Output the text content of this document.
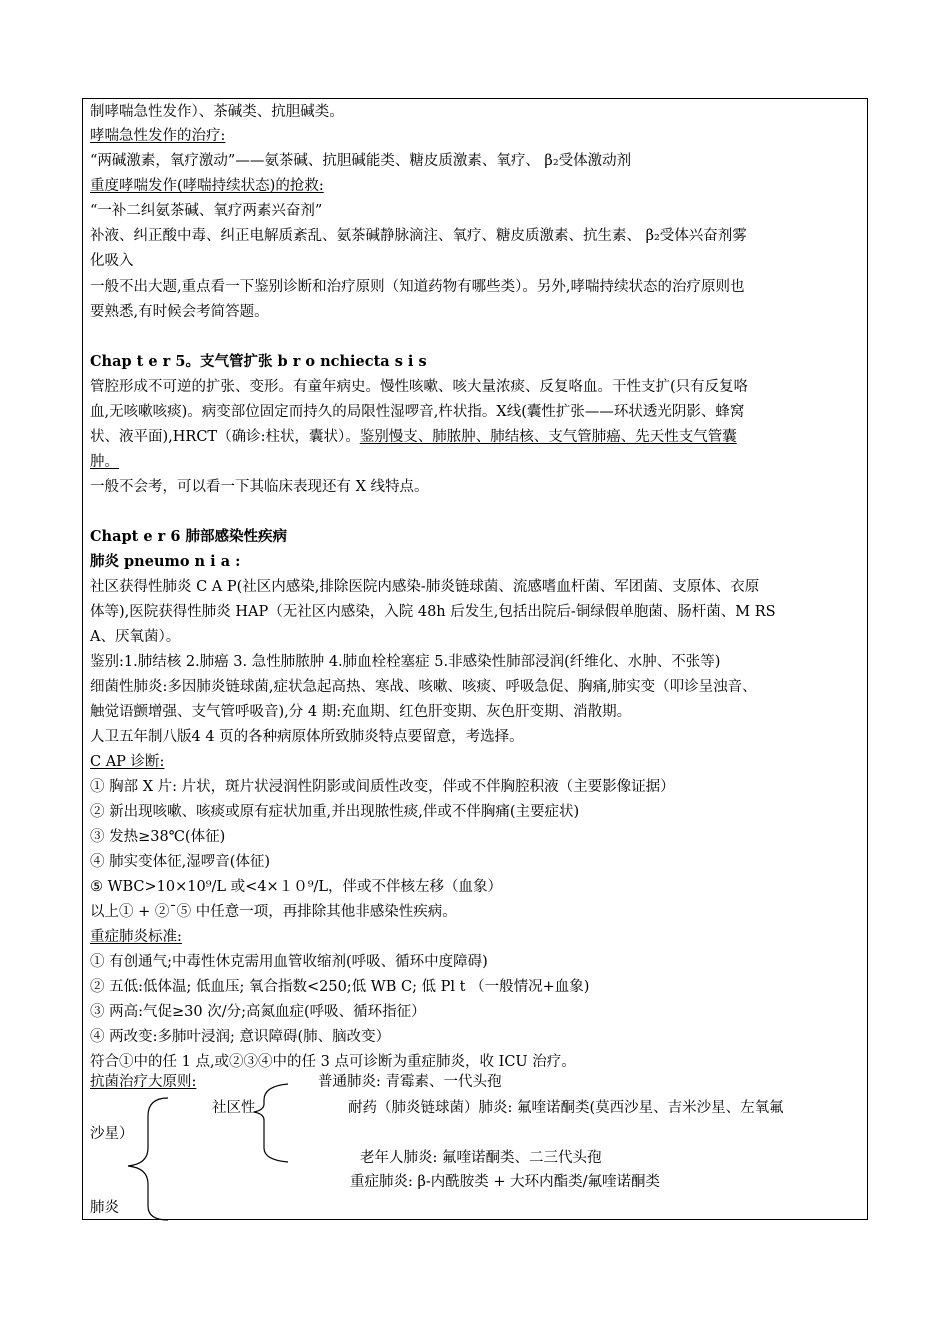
制哮喘急性发作）、茶碱类、抗胆碱类。
哮喘急性发作的治疗:
“两碱激素，氧疗激动”——氨茶碱、抗胆碱能类、糖皮质激素、氧疗、 β₂受体激动剂
重度哮喘发作(哮喘持续状态)的抢救:
“一补二纠氨茶碱、氧疗两素兴奋剂”
补液、纠正酸中毒、纠正电解质紊乱、氨茶碱静脉滴注、氧疗、糖皮质激素、抗生素、 β₂受体兴奋剂雾
化吸入
一般不出大题,重点看一下鉴别诊断和治疗原则（知道药物有哪些类）。另外,哮喘持续状态的治疗原则也
要熟悉,有时候会考简答题。
Chap t e r 5。支气管扩张 b r o nchiecta s i s
管腔形成不可逆的扩张、变形。有童年病史。慢性咳嗽、咳大量浓痰、反复咯血。干性支扩(只有反复咯
血,无咳嗽咳痰)。病变部位固定而持久的局限性湿啰音,杵状指。X线(囊性扩张——环状透光阴影、蜂窝
状、液平面),HRCT（确诊:柱状，囊状）。鉴别慢支、肺脓肿、肺结核、支气管肺癌、先天性支气管囊
肿。
一般不会考，可以看一下其临床表现还有 X 线特点。
Chapt e r 6 肺部感染性疾病
肺炎 pneumo n i a :
社区获得性肺炎 C A P(社区内感染,排除医院内感染-肺炎链球菌、流感嗜血杆菌、军团菌、支原体、衣原
体等),医院获得性肺炎 HAP（无社区内感染，入院 48h 后发生,包括出院后-铜绿假单胞菌、肠杆菌、M RS
A、厌氧菌）。
鉴别:1.肺结核 2.肺癌 3. 急性肺脓肿 4.肺血栓栓塞症 5.非感染性肺部浸润(纤维化、水肿、不张等)
细菌性肺炎:多因肺炎链球菌,症状急起高热、寒战、咳嗽、咳痰、呼吸急促、胸痛,肺实变（叩诊呈浊音、
触觉语颤增强、支气管呼吸音),分 4 期:充血期、红色肝变期、灰色肝变期、消散期。
人卫五年制八版4 4 页的各种病原体所致肺炎特点要留意，考选择。
C AP 诊断:
① 胸部 X 片: 片状，斑片状浸润性阴影或间质性改变，伴或不伴胸腔积液（主要影像证据）
② 新出现咳嗽、咳痰或原有症状加重,并出现脓性痰,伴或不伴胸痛(主要症状)
③ 发热≥38℃(体征)
④ 肺实变体征,湿啰音(体征)
⑤ WBC>10×10⁹/L 或<4×１０⁹/L，伴或不伴核左移（血象）
以上① + ②¯⑤ 中任意一项，再排除其他非感染性疾病。
重症肺炎标准:
① 有创通气;中毒性休克需用血管收缩剂(呼吸、循环中度障碍)
② 五低:低体温; 低血压; 氧合指数<250;低 WB C; 低 Pl t （一般情况+血象)
③ 两高:气促≥30 次/分;高氮血症(呼吸、循环指征）
④ 两改变:多肺叶浸润; 意识障碍(肺、脑改变）
符合①中的任 1 点,或②③④中的任 3 点可诊断为重症肺炎，收 ICU 治疗。
抗菌治疗大原则:	普通肺炎: 青霉素、一代头孢
社区性	耐药（肺炎链球菌）肺炎: 氟喹诺酮类(莫西沙星、吉米沙星、左氧氟
沙星）
老年人肺炎: 氟喹诺酮类、二三代头孢
重症肺炎: β-内酰胺类 + 大环内酯类/氟喹诺酮类
肺炎
